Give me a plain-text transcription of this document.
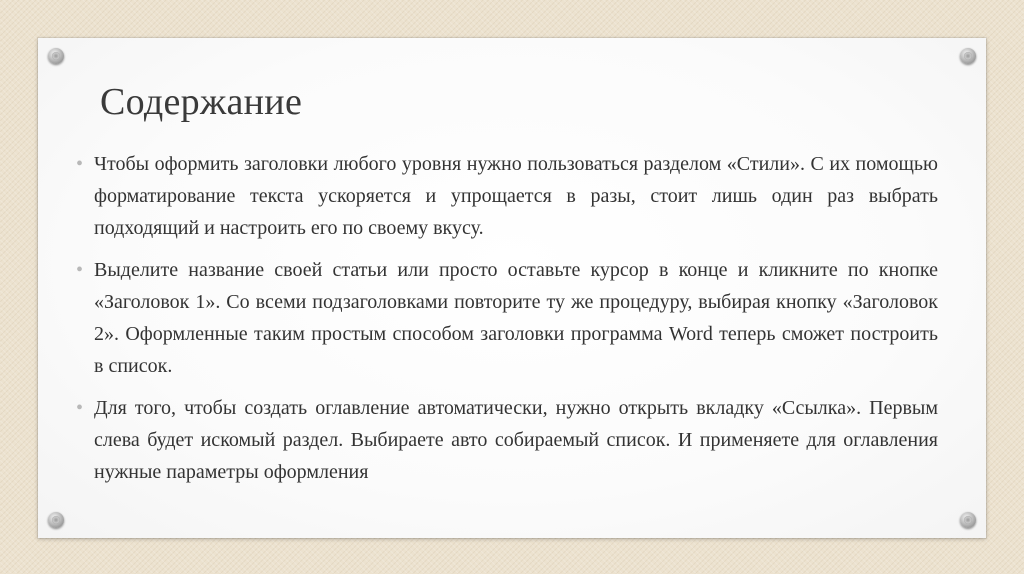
Содержание
• Чтобы оформить заголовки любого уровня нужно пользоваться разделом «Стили». С их помощью форматирование текста ускоряется и упрощается в разы, стоит лишь один раз выбрать подходящий и настроить его по своему вкусу.
• Выделите название своей статьи или просто оставьте курсор в конце и кликните по кнопке «Заголовок 1». Со всеми подзаголовками повторите ту же процедуру, выбирая кнопку «Заголовок 2». Оформленные таким простым способом заголовки программа Word теперь сможет построить в список.
• Для того, чтобы создать оглавление автоматически, нужно открыть вкладку «Ссылка». Первым слева будет искомый раздел. Выбираете авто собираемый список. И применяете для оглавления нужные параметры оформления
